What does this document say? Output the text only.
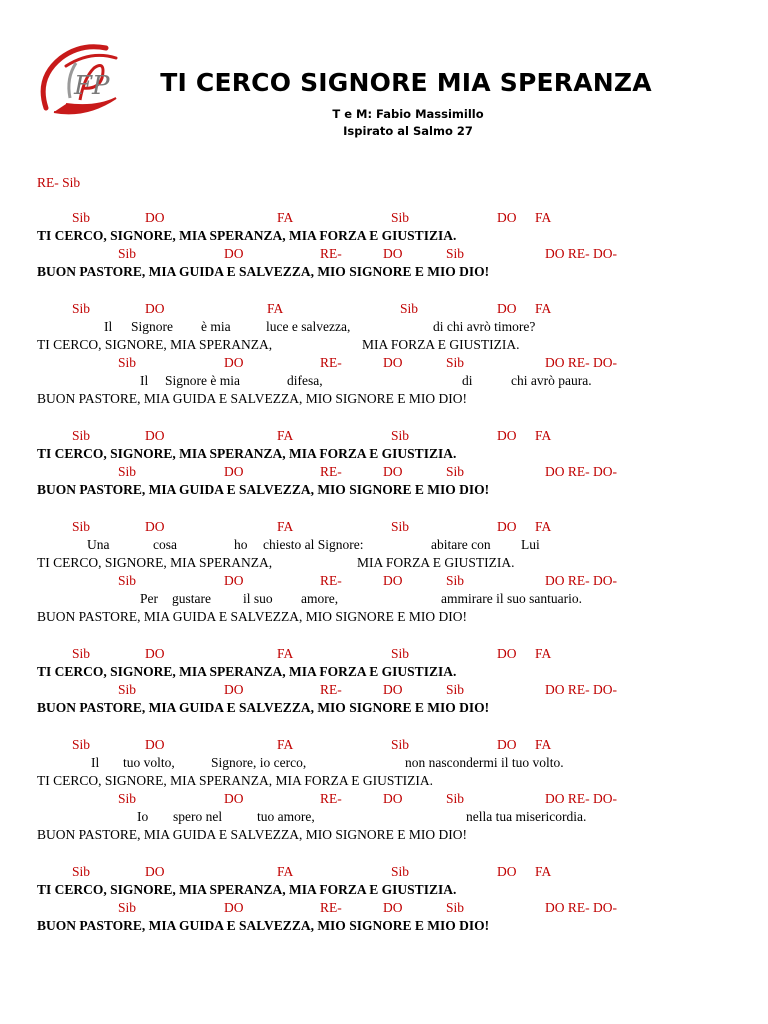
FP	TI CERCO SIGNORE MIA SPERANZA
T e M: Fabio Massimillo
Ispirato al Salmo 27
RE- Sib
Sib	DO	FA	Sib	DO FA
TI CERCO, SIGNORE, MIA SPERANZA, MIA FORZA E GIUSTIZIA.
Sib	DO	RE-	DO	Sib	DO RE- DO-
BUON PASTORE, MIA GUIDA E SALVEZZA, MIO SIGNORE E MIO DIO!
Sib	DO	FA	Sib	DO FA
Il Signore è mia	luce e salvezza,	di chi avrò timore?
TI CERCO, SIGNORE, MIA SPERANZA,	MIA FORZA E GIUSTIZIA.
Sib	DO	RE-	DO	Sib	DO RE- DO-
Il Signore è mia	difesa,	di	chi avrò paura.
BUON PASTORE, MIA GUIDA E SALVEZZA, MIO SIGNORE E MIO DIO!
Sib	DO	FA	Sib	DO FA
TI CERCO, SIGNORE, MIA SPERANZA, MIA FORZA E GIUSTIZIA.
Sib	DO	RE-	DO	Sib	DO RE- DO-
BUON PASTORE, MIA GUIDA E SALVEZZA, MIO SIGNORE E MIO DIO!
Sib	DO	FA	Sib	DO FA
Una	cosa	ho chiesto al Signore:	abitare con Lui
TI CERCO, SIGNORE, MIA SPERANZA,	MIA FORZA E GIUSTIZIA.
Sib	DO	RE-	DO	Sib	DO RE- DO-
Per gustare il suo amore,	ammirare il suo santuario.
BUON PASTORE, MIA GUIDA E SALVEZZA, MIO SIGNORE E MIO DIO!
Sib	DO	FA	Sib	DO FA
TI CERCO, SIGNORE, MIA SPERANZA, MIA FORZA E GIUSTIZIA.
Sib	DO	RE-	DO	Sib	DO RE- DO-
BUON PASTORE, MIA GUIDA E SALVEZZA, MIO SIGNORE E MIO DIO!
Sib	DO	FA	Sib	DO FA
Il tuo volto,	Signore, io cerco,	non nascondermi il tuo volto.
TI CERCO, SIGNORE, MIA SPERANZA, MIA FORZA E GIUSTIZIA.
Sib	DO	RE-	DO	Sib	DO RE- DO-
Io spero nel	tuo amore,	nella tua misericordia.
BUON PASTORE, MIA GUIDA E SALVEZZA, MIO SIGNORE E MIO DIO!
Sib	DO	FA	Sib	DO FA
TI CERCO, SIGNORE, MIA SPERANZA, MIA FORZA E GIUSTIZIA.
Sib	DO	RE-	DO	Sib	DO RE- DO-
BUON PASTORE, MIA GUIDA E SALVEZZA, MIO SIGNORE E MIO DIO!
